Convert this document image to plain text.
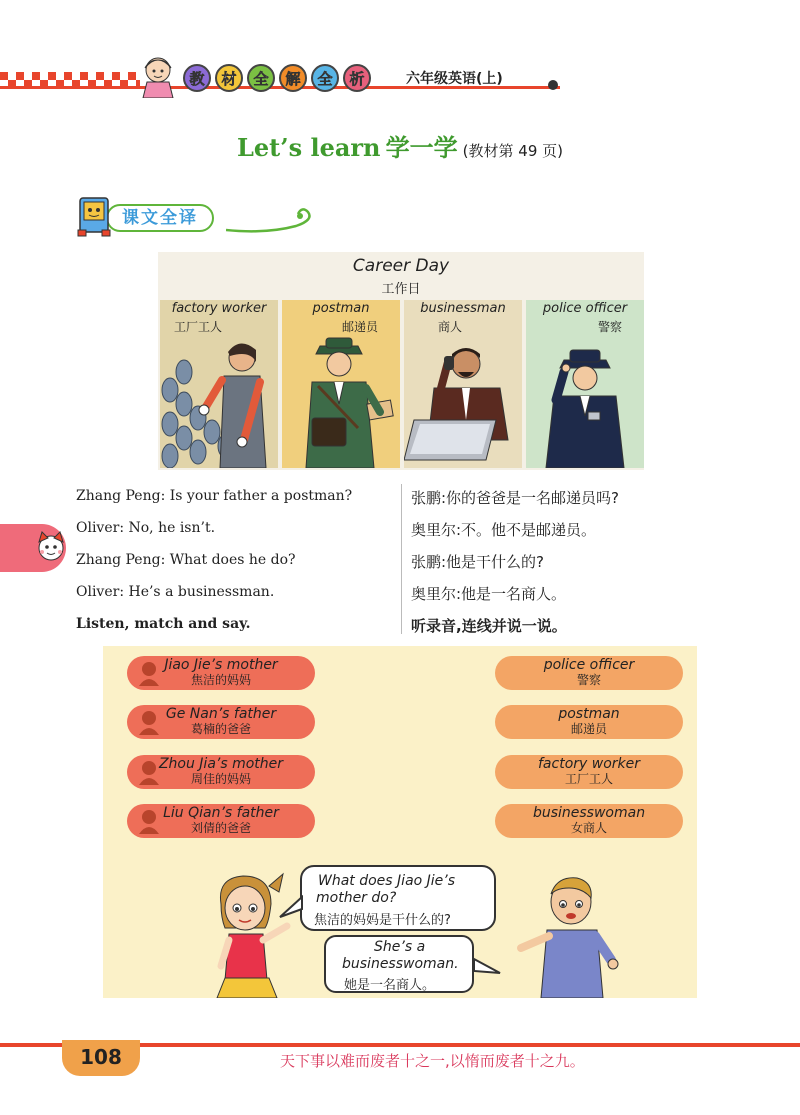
教	材	全	解	全	析	六年级英语(上)
Let’s learn 学一学 (教材第 49 页)
课文全译
Career Day
工作日
factory worker
工厂工人
postman
邮递员
businessman
商人
police officer
警察
Zhang Peng: Is your father a postman?	张鹏:你的爸爸是一名邮递员吗?
Oliver: No, he isn’t.	奥里尔:不。他不是邮递员。
Zhang Peng: What does he do?	张鹏:他是干什么的?
Oliver: He’s a businessman.	奥里尔:他是一名商人。
Listen, match and say.	听录音,连线并说一说。
Jiao Jie’s mother
焦洁的妈妈
Ge Nan’s father
葛楠的爸爸
Zhou Jia’s mother
周佳的妈妈
Liu Qian’s father
刘倩的爸爸
police officer
警察
postman
邮递员
factory worker
工厂工人
businesswoman
女商人
What does Jiao Jie’s
mother do?
焦洁的妈妈是干什么的?
She’s a
businesswoman.
她是一名商人。
108	天下事以难而废者十之一,以惰而废者十之九。
